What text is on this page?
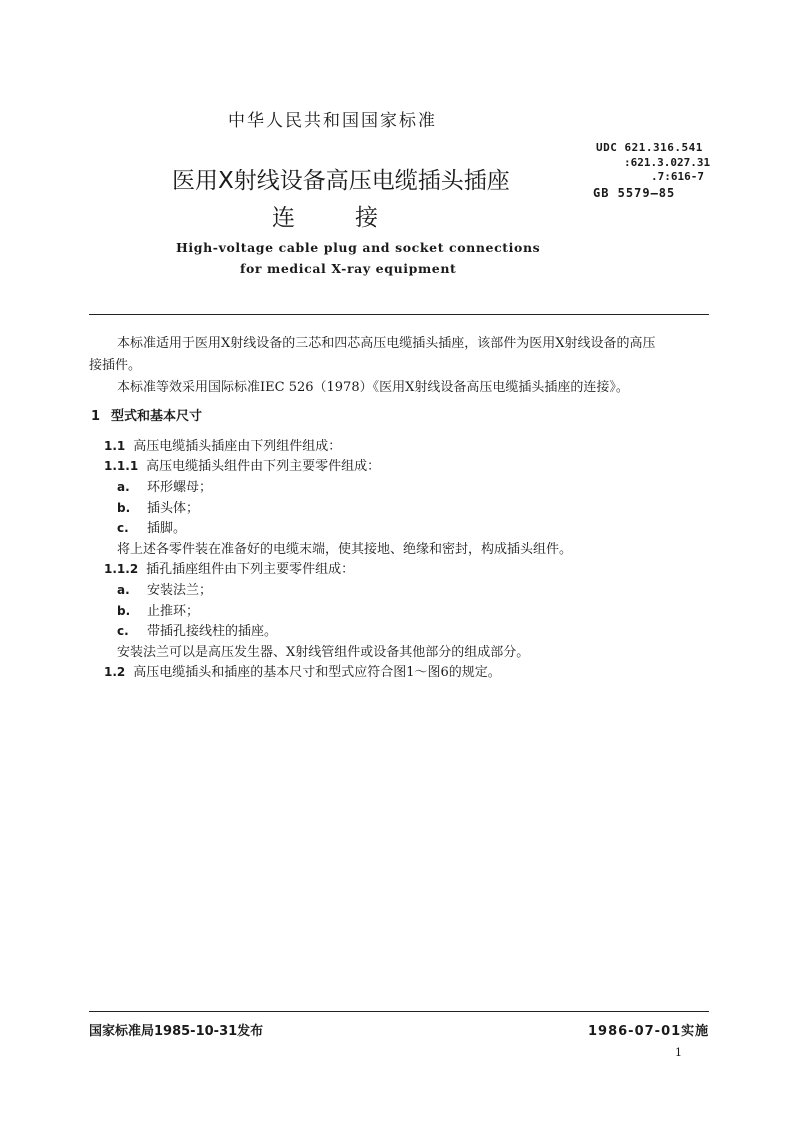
中华人民共和国国家标准
医用X射线设备高压电缆插头插座
连接
High-voltage cable plug and socket connections
for medical X-ray equipment
UDC 621.316.541
:621.3.027.31
.7:616-7
GB 5579—85
本标准适用于医用X射线设备的三芯和四芯高压电缆插头插座，该部件为医用X射线设备的高压
接插件。
本标准等效采用国际标准IEC 526（1978）《医用X射线设备高压电缆插头插座的连接》。
1 型式和基本尺寸
1.1 高压电缆插头插座由下列组件组成：
1.1.1 高压电缆插头组件由下列主要零件组成：
a. 环形螺母；
b. 插头体；
c. 插脚。
将上述各零件装在准备好的电缆末端，使其接地、绝缘和密封，构成插头组件。
1.1.2 插孔插座组件由下列主要零件组成：
a. 安装法兰；
b. 止推环；
c. 带插孔接线柱的插座。
安装法兰可以是高压发生器、X射线管组件或设备其他部分的组成部分。
1.2 高压电缆插头和插座的基本尺寸和型式应符合图1～图6的规定。
国家标准局1985-10-31发布	1986-07-01实施
1
